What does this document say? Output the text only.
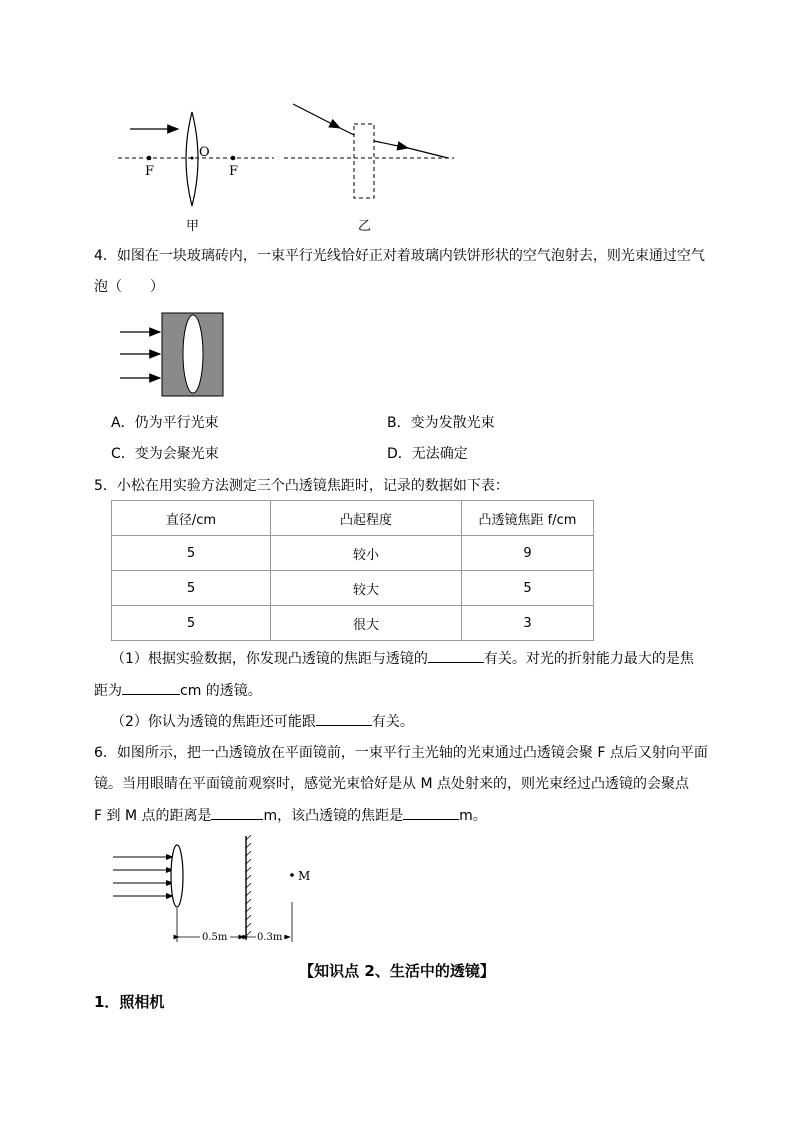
O
F	F
甲	乙
4．如图在一块玻璃砖内，一束平行光线恰好正对着玻璃内铁饼形状的空气泡射去，则光束通过空气
泡（　　）
A．仍为平行光束	B．变为发散光束
C．变为会聚光束	D．无法确定
5．小松在用实验方法测定三个凸透镜焦距时，记录的数据如下表：
直径/cm	凸起程度	凸透镜焦距 f/cm
5	较小	9
5	较大	5
5	很大	3
（1）根据实验数据，你发现凸透镜的焦距与透镜的	有关。对光的折射能力最大的是焦
距为	cm 的透镜。
（2）你认为透镜的焦距还可能跟	有关。
6．如图所示，把一凸透镜放在平面镜前，一束平行主光轴的光束通过凸透镜会聚 F 点后又射向平面
镜。当用眼睛在平面镜前观察时，感觉光束恰好是从 M 点处射来的，则光束经过凸透镜的会聚点
F 到 M 点的距离是	m，该凸透镜的焦距是	m。
M
0.5m	0.3m
【知识点 2、生活中的透镜】
1．照相机
